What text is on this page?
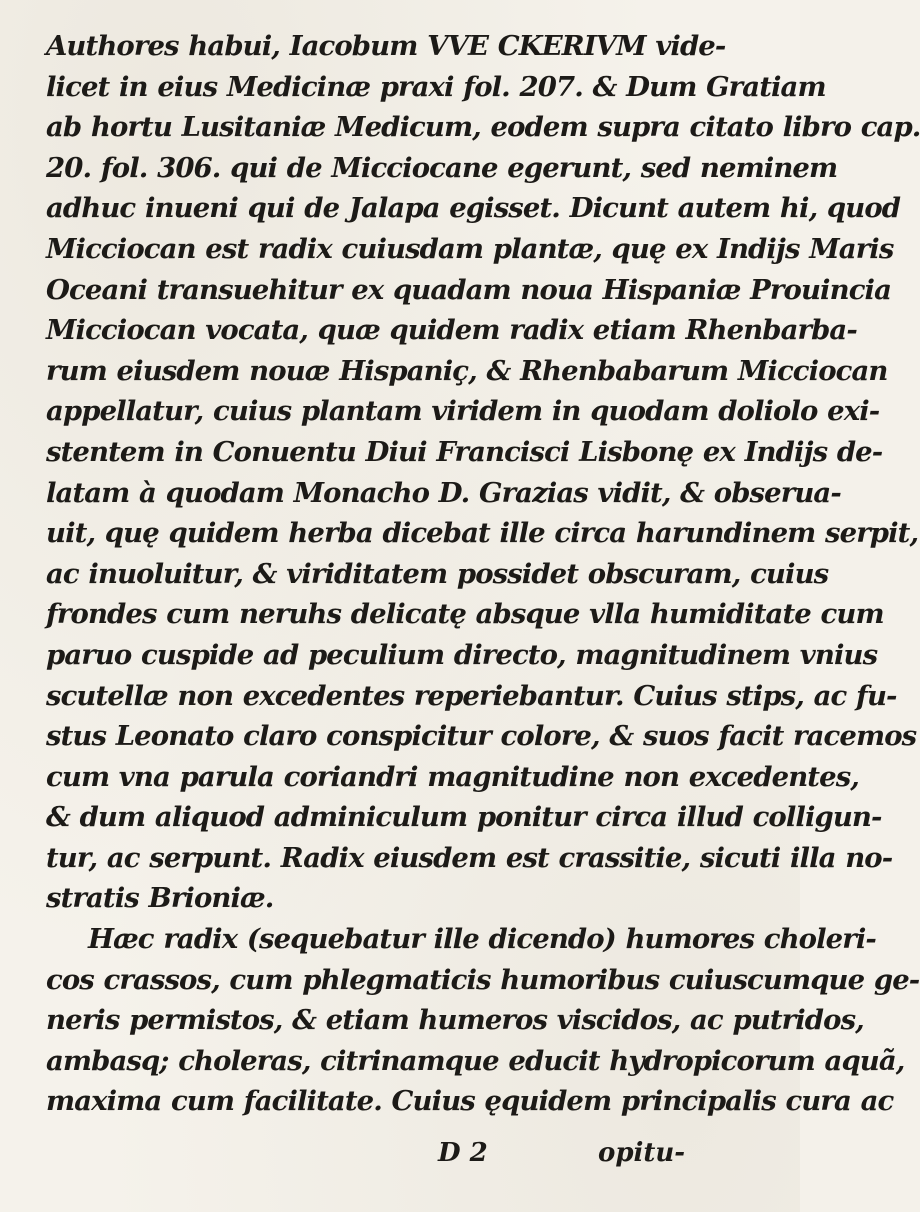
Authores habui, Iacobum VVE CKERIVM vide-
licet in eius Medicinæ praxi fol. 207. & Dum Gratiam
ab hortu Lusitaniæ Medicum, eodem supra citato libro cap.
20. fol. 306. qui de Micciocane egerunt, sed neminem
adhuc inueni qui de Jalapa egisset. Dicunt autem hi, quod
Micciocan est radix cuiusdam plantæ, quę ex Indijs Maris
Oceani transuehitur ex quadam noua Hispaniæ Prouincia
Micciocan vocata, quæ quidem radix etiam Rhenbarba-
rum eiusdem nouæ Hispaniç, & Rhenbabarum Micciocan
appellatur, cuius plantam viridem in quodam doliolo exi-
stentem in Conuentu Diui Francisci Lisbonę ex Indijs de-
latam à quodam Monacho D. Grazias vidit, & obserua-
uit, quę quidem herba dicebat ille circa harundinem serpit,
ac inuoluitur, & viriditatem possidet obscuram, cuius
frondes cum neruhs delicatę absque vlla humiditate cum
paruo cuspide ad peculium directo, magnitudinem vnius
scutellæ non excedentes reperiebantur. Cuius stips, ac fu-
stus Leonato claro conspicitur colore, & suos facit racemos
cum vna parula coriandri magnitudine non excedentes,
& dum aliquod adminiculum ponitur circa illud colligun-
tur, ac serpunt. Radix eiusdem est crassitie, sicuti illa no-
stratis Brioniæ.
Hæc radix (sequebatur ille dicendo) humores choleri-
cos crassos, cum phlegmaticis humoribus cuiuscumque ge-
neris permistos, & etiam humeros viscidos, ac putridos,
ambasq; choleras, citrinamque educit hydropicorum aquã,
maxima cum facilitate. Cuius ęquidem principalis cura ac
D 2	opitu-
